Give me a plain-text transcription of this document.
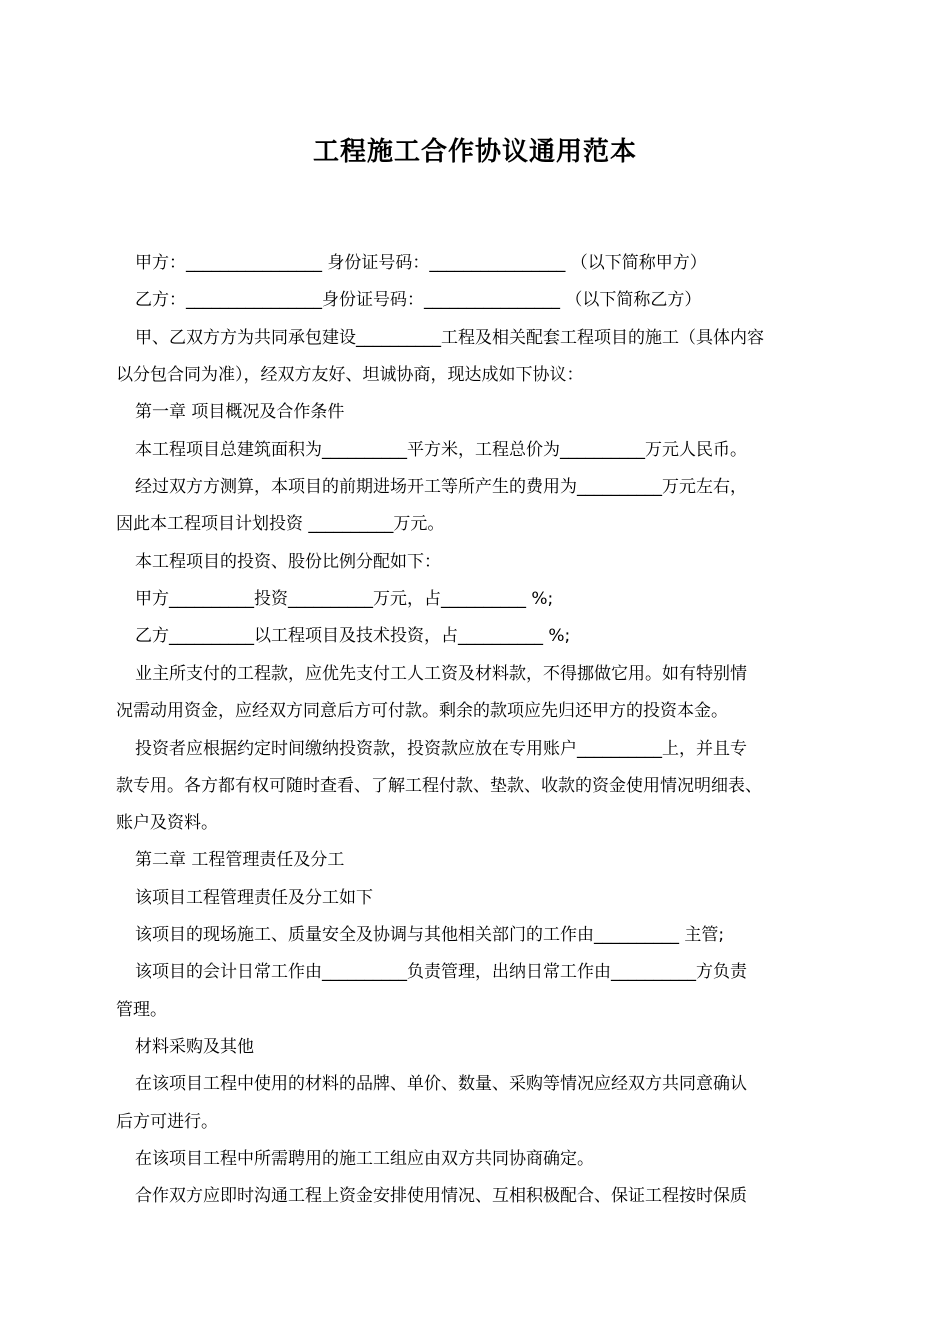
工程施工合作协议通用范本
甲方：________________ 身份证号码：________________ （以下简称甲方）
乙方：________________身份证号码：________________ （以下简称乙方）
甲、乙双方方为共同承包建设__________工程及相关配套工程项目的施工（具体内容
以分包合同为准），经双方友好、坦诚协商，现达成如下协议：
第一章 项目概况及合作条件
本工程项目总建筑面积为__________平方米，工程总价为__________万元人民币。
经过双方方测算，本项目的前期进场开工等所产生的费用为__________万元左右，
因此本工程项目计划投资 __________万元。
本工程项目的投资、股份比例分配如下：
甲方__________投资__________万元，占__________ %;
乙方__________以工程项目及技术投资，占__________ %;
业主所支付的工程款，应优先支付工人工资及材料款，不得挪做它用。如有特别情
况需动用资金，应经双方同意后方可付款。剩余的款项应先归还甲方的投资本金。
投资者应根据约定时间缴纳投资款，投资款应放在专用账户__________上，并且专
款专用。各方都有权可随时查看、了解工程付款、垫款、收款的资金使用情况明细表、
账户及资料。
第二章 工程管理责任及分工
该项目工程管理责任及分工如下
该项目的现场施工、质量安全及协调与其他相关部门的工作由__________ 主管;
该项目的会计日常工作由__________负责管理，出纳日常工作由__________方负责
管理。
材料采购及其他
在该项目工程中使用的材料的品牌、单价、数量、采购等情况应经双方共同意确认
后方可进行。
在该项目工程中所需聘用的施工工组应由双方共同协商确定。
合作双方应即时沟通工程上资金安排使用情况、互相积极配合、保证工程按时保质
